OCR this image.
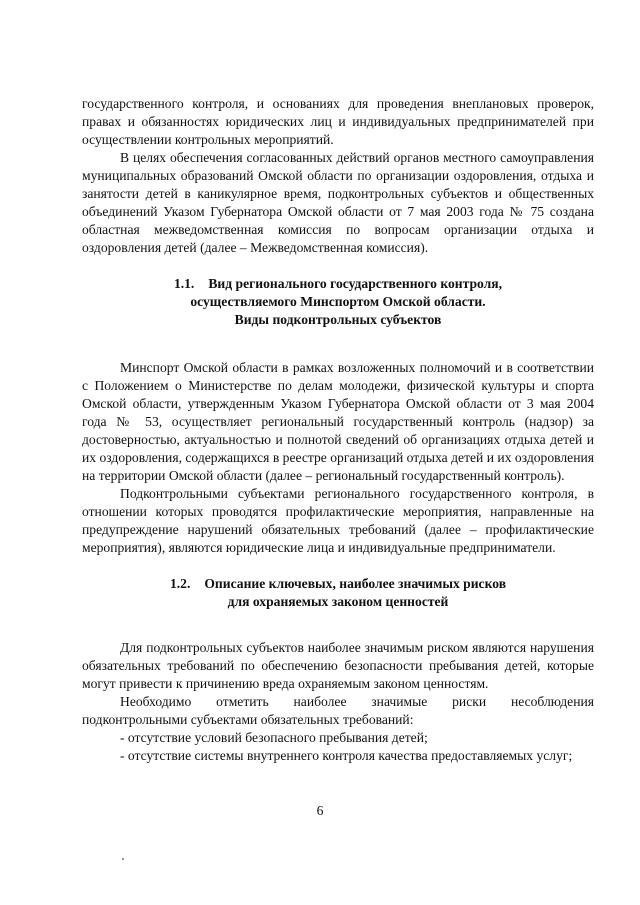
государственного контроля, и основаниях для проведения внеплановых проверок, правах и обязанностях юридических лиц и индивидуальных предпринимателей при осуществлении контрольных мероприятий.

В целях обеспечения согласованных действий органов местного самоуправления муниципальных образований Омской области по организации оздоровления, отдыха и занятости детей в каникулярное время, подконтрольных субъектов и общественных объединений Указом Губернатора Омской области от 7 мая 2003 года № 75 создана областная межведомственная комиссия по вопросам организации отдыха и оздоровления детей (далее – Межведомственная комиссия).

1.1. Вид регионального государственного контроля,
осуществляемого Минспортом Омской области.
Виды подконтрольных субъектов

Минспорт Омской области в рамках возложенных полномочий и в соответствии с Положением о Министерстве по делам молодежи, физической культуры и спорта Омской области, утвержденным Указом Губернатора Омской области от 3 мая 2004 года № 53, осуществляет региональный государственный контроль (надзор) за достоверностью, актуальностью и полнотой сведений об организациях отдыха детей и их оздоровления, содержащихся в реестре организаций отдыха детей и их оздоровления на территории Омской области (далее – региональный государственный контроль).

Подконтрольными субъектами регионального государственного контроля, в отношении которых проводятся профилактические мероприятия, направленные на предупреждение нарушений обязательных требований (далее – профилактические мероприятия), являются юридические лица и индивидуальные предприниматели.

1.2. Описание ключевых, наиболее значимых рисков
для охраняемых законом ценностей

Для подконтрольных субъектов наиболее значимым риском являются нарушения обязательных требований по обеспечению безопасности пребывания детей, которые могут привести к причинению вреда охраняемым законом ценностям.

Необходимо отметить наиболее значимые риски несоблюдения подконтрольными субъектами обязательных требований:

- отсутствие условий безопасного пребывания детей;

- отсутствие системы внутреннего контроля качества предоставляемых услуг;

6
